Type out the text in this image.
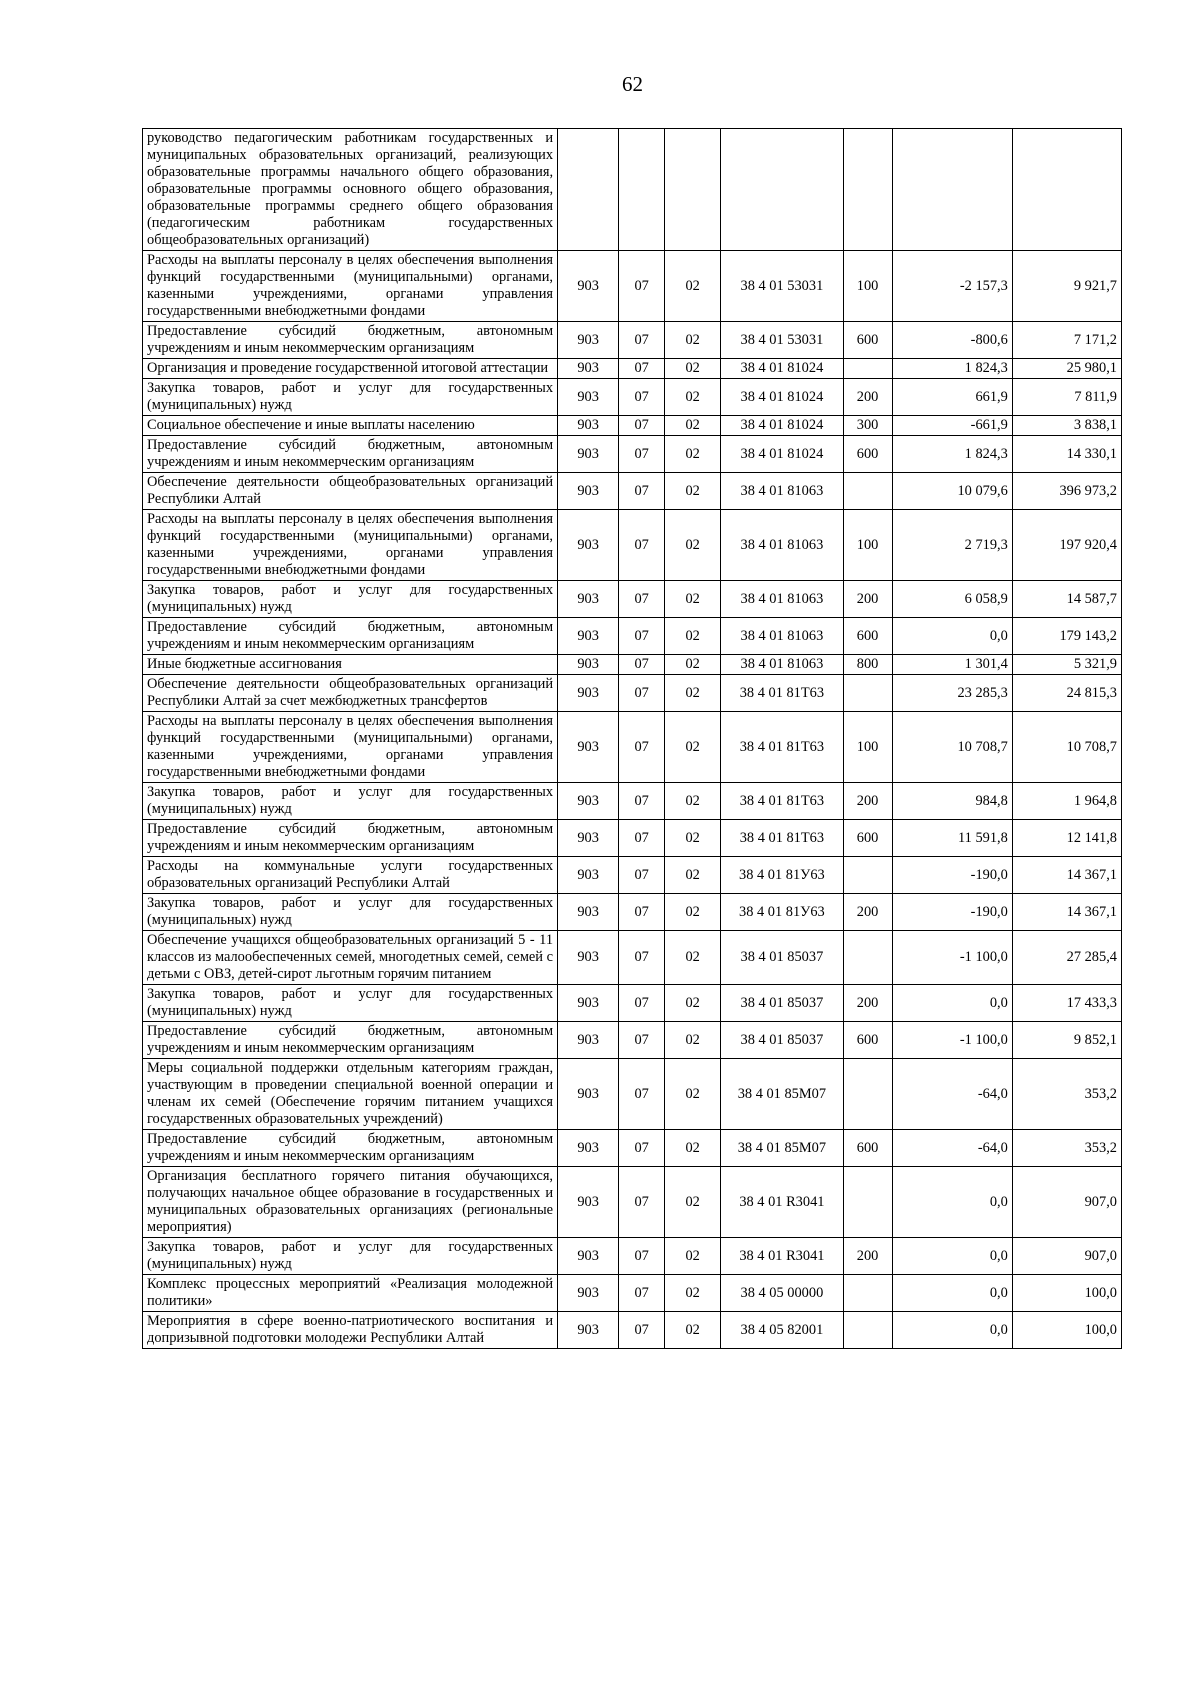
62
руководство педагогическим работникам государственных и муниципальных образовательных организаций, реализующих образовательные программы начального общего образования, образовательные программы основного общего образования, образовательные программы среднего общего образования (педагогическим работникам государственных общеобразовательных организаций)							
Расходы на выплаты персоналу в целях обеспечения выполнения функций государственными (муниципальными) органами, казенными учреждениями, органами управления государственными внебюджетными фондами	903	07	02	38 4 01 53031	100	-2 157,3	9 921,7
Предоставление субсидий бюджетным, автономным учреждениям и иным некоммерческим организациям	903	07	02	38 4 01 53031	600	-800,6	7 171,2
Организация и проведение государственной итоговой аттестации	903	07	02	38 4 01 81024		1 824,3	25 980,1
Закупка товаров, работ и услуг для государственных (муниципальных) нужд	903	07	02	38 4 01 81024	200	661,9	7 811,9
Социальное обеспечение и иные выплаты населению	903	07	02	38 4 01 81024	300	-661,9	3 838,1
Предоставление субсидий бюджетным, автономным учреждениям и иным некоммерческим организациям	903	07	02	38 4 01 81024	600	1 824,3	14 330,1
Обеспечение деятельности общеобразовательных организаций Республики Алтай	903	07	02	38 4 01 81063		10 079,6	396 973,2
Расходы на выплаты персоналу в целях обеспечения выполнения функций государственными (муниципальными) органами, казенными учреждениями, органами управления государственными внебюджетными фондами	903	07	02	38 4 01 81063	100	2 719,3	197 920,4
Закупка товаров, работ и услуг для государственных (муниципальных) нужд	903	07	02	38 4 01 81063	200	6 058,9	14 587,7
Предоставление субсидий бюджетным, автономным учреждениям и иным некоммерческим организациям	903	07	02	38 4 01 81063	600	0,0	179 143,2
Иные бюджетные ассигнования	903	07	02	38 4 01 81063	800	1 301,4	5 321,9
Обеспечение деятельности общеобразовательных организаций Республики Алтай за счет межбюджетных трансфертов	903	07	02	38 4 01 81Т63		23 285,3	24 815,3
Расходы на выплаты персоналу в целях обеспечения выполнения функций государственными (муниципальными) органами, казенными учреждениями, органами управления государственными внебюджетными фондами	903	07	02	38 4 01 81Т63	100	10 708,7	10 708,7
Закупка товаров, работ и услуг для государственных (муниципальных) нужд	903	07	02	38 4 01 81Т63	200	984,8	1 964,8
Предоставление субсидий бюджетным, автономным учреждениям и иным некоммерческим организациям	903	07	02	38 4 01 81Т63	600	11 591,8	12 141,8
Расходы на коммунальные услуги государственных образовательных организаций Республики Алтай	903	07	02	38 4 01 81У63		-190,0	14 367,1
Закупка товаров, работ и услуг для государственных (муниципальных) нужд	903	07	02	38 4 01 81У63	200	-190,0	14 367,1
Обеспечение учащихся общеобразовательных организаций 5 - 11 классов из малообеспеченных семей, многодетных семей, семей с детьми с ОВЗ, детей-сирот льготным горячим питанием	903	07	02	38 4 01 85037		-1 100,0	27 285,4
Закупка товаров, работ и услуг для государственных (муниципальных) нужд	903	07	02	38 4 01 85037	200	0,0	17 433,3
Предоставление субсидий бюджетным, автономным учреждениям и иным некоммерческим организациям	903	07	02	38 4 01 85037	600	-1 100,0	9 852,1
Меры социальной поддержки отдельным категориям граждан, участвующим в проведении специальной военной операции и членам их семей (Обеспечение горячим питанием учащихся государственных образовательных учреждений)	903	07	02	38 4 01 85М07		-64,0	353,2
Предоставление субсидий бюджетным, автономным учреждениям и иным некоммерческим организациям	903	07	02	38 4 01 85М07	600	-64,0	353,2
Организация бесплатного горячего питания обучающихся, получающих начальное общее образование в государственных и муниципальных образовательных организациях (региональные мероприятия)	903	07	02	38 4 01 R3041		0,0	907,0
Закупка товаров, работ и услуг для государственных (муниципальных) нужд	903	07	02	38 4 01 R3041	200	0,0	907,0
Комплекс процессных мероприятий «Реализация молодежной политики»	903	07	02	38 4 05 00000		0,0	100,0
Мероприятия в сфере военно-патриотического воспитания и допризывной подготовки молодежи Республики Алтай	903	07	02	38 4 05 82001		0,0	100,0
